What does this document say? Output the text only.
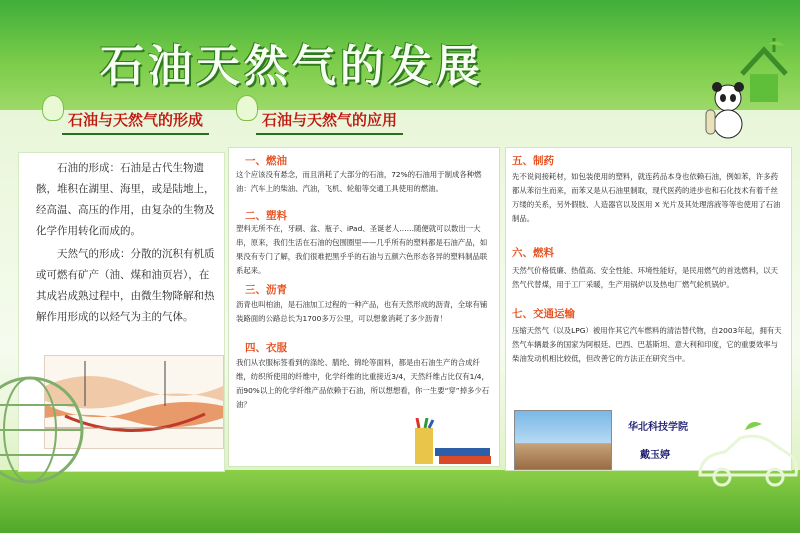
石油天然气的发展
石油与天然气的形成	石油与天然气的应用

石油的形成：石油是古代生物遗骸，堆积在湖里、海里，或是陆地上，经高温、高压的作用，由复杂的生物及化学作用转化而成的。

天然气的形成：分散的沉积有机质或可燃有矿产（油、煤和油页岩），在其成岩成熟过程中，由微生物降解和热解作用形成的以烃气为主的气体。

一、燃油
这个应该没有悬念，而且消耗了大部分的石油，72%的石油用于制成各种燃油：汽车上的柴油、汽油，飞机、轮船等交通工具使用的燃油。
二、塑料
塑料无所不在，牙刷、盆、瓶子、iPad、圣诞老人……随便就可以数出一大串，原来，我们生活在石油的包围圈里——几乎所有的塑料都是石油产品，如果没有专门了解，我们很难把黑乎乎的石油与五颜六色形态各异的塑料制品联系起来。
三、沥青
沥青也叫柏油，是石油加工过程的一种产品，也有天然形成的沥青，全球有铺装路面的公路总长为1700多万公里，可以想象消耗了多少沥青！
四、衣服
我们从衣服标签看到的涤纶、腈纶、锦纶等面料，都是由石油生产的合成纤维，纺织所使用的纤维中，化学纤维的比重接近3/4，天然纤维占比仅有1/4，而90%以上的化学纤维产品依赖于石油，所以想想看，你一生要“穿”掉多少石油？
五、制药
先不说间接耗材，如包装使用的塑料，就连药品本身也依赖石油，例如苯，许多药都从苯衍生而来，而苯又是从石油里制取，现代医药的进步也和石化技术有着千丝万缕的关系，另外假肢、人造器官以及医用 X 光片及其处理溶液等等也使用了石油制品。
六、燃料
天然气价格低廉、热值高、安全性能、环境性能好，是民用燃气的首选燃料，以天然气代替煤，用于工厂采暖，生产用锅炉以及热电厂燃气轮机锅炉。
七、交通运输
压缩天然气（以及LPG）被用作其它汽车燃料的清洁替代物，自2003年起，拥有天然气车辆最多的国家为阿根廷、巴西、巴基斯坦、意大利和印度，它的重要效率与柴油发动机相比较低，但改善它的方法正在研究当中。
华北科技学院
戴玉婷
